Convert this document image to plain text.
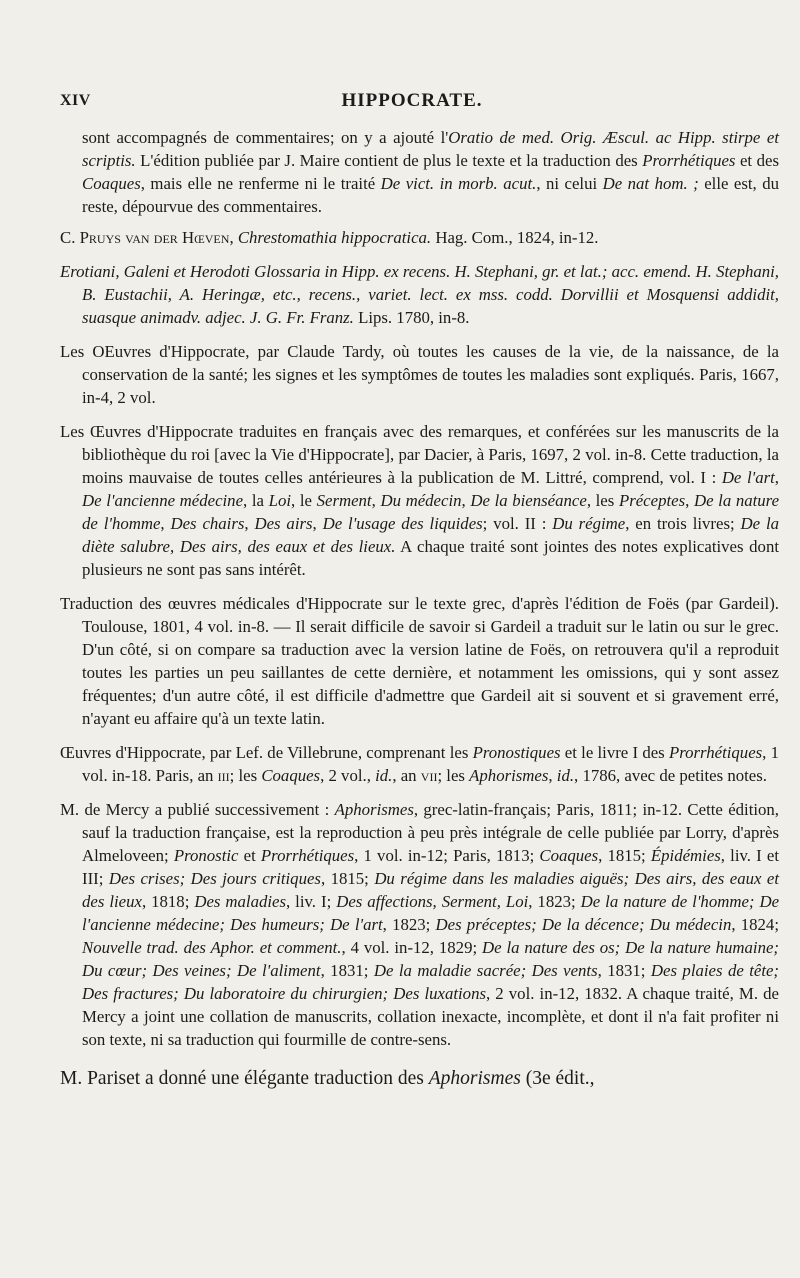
XIV	HIPPOCRATE.

sont accompagnés de commentaires; on y a ajouté l'Oratio de med. Orig. Æscul. ac Hipp. stirpe et scriptis. L'édition publiée par J. Maire contient de plus le texte et la traduction des Prorrhétiques et des Coaques, mais elle ne renferme ni le traité De vict. in morb. acut., ni celui De nat hom. ; elle est, du reste, dépourvue des commentaires.

C. Pruys van der Hœven, Chrestomathia hippocratica. Hag. Com., 1824, in-12.

Erotiani, Galeni et Herodoti Glossaria in Hipp. ex recens. H. Stephani, gr. et lat.; acc. emend. H. Stephani, B. Eustachii, A. Heringæ, etc., recens., variet. lect. ex mss. codd. Dorvillii et Mosquensi addidit, suasque animadv. adjec. J. G. Fr. Franz. Lips. 1780, in-8.

Les OEuvres d'Hippocrate, par Claude Tardy, où toutes les causes de la vie, de la naissance, de la conservation de la santé; les signes et les symptômes de toutes les maladies sont expliqués. Paris, 1667, in-4, 2 vol.

Les Œuvres d'Hippocrate traduites en français avec des remarques, et conférées sur les manuscrits de la bibliothèque du roi [avec la Vie d'Hippocrate], par Dacier, à Paris, 1697, 2 vol. in-8. Cette traduction, la moins mauvaise de toutes celles antérieures à la publication de M. Littré, comprend, vol. I : De l'art, De l'ancienne médecine, la Loi, le Serment, Du médecin, De la bienséance, les Préceptes, De la nature de l'homme, Des chairs, Des airs, De l'usage des liquides; vol. II : Du régime, en trois livres; De la diète salubre, Des airs, des eaux et des lieux. A chaque traité sont jointes des notes explicatives dont plusieurs ne sont pas sans intérêt.

Traduction des œuvres médicales d'Hippocrate sur le texte grec, d'après l'édition de Foës (par Gardeil). Toulouse, 1801, 4 vol. in-8. — Il serait difficile de savoir si Gardeil a traduit sur le latin ou sur le grec. D'un côté, si on compare sa traduction avec la version latine de Foës, on retrouvera qu'il a reproduit toutes les parties un peu saillantes de cette dernière, et notamment les omissions, qui y sont assez fréquentes; d'un autre côté, il est difficile d'admettre que Gardeil ait si souvent et si gravement erré, n'ayant eu affaire qu'à un texte latin.

Œuvres d'Hippocrate, par Lef. de Villebrune, comprenant les Pronostiques et le livre I des Prorrhétiques, 1 vol. in-18. Paris, an iii; les Coaques, 2 vol., id., an vii; les Aphorismes, id., 1786, avec de petites notes.

M. de Mercy a publié successivement : Aphorismes, grec-latin-français; Paris, 1811; in-12. Cette édition, sauf la traduction française, est la reproduction à peu près intégrale de celle publiée par Lorry, d'après Almeloveen; Pronostic et Prorrhétiques, 1 vol. in-12; Paris, 1813; Coaques, 1815; Épidémies, liv. I et III; Des crises; Des jours critiques, 1815; Du régime dans les maladies aiguës; Des airs, des eaux et des lieux, 1818; Des maladies, liv. I; Des affections, Serment, Loi, 1823; De la nature de l'homme; De l'ancienne médecine; Des humeurs; De l'art, 1823; Des préceptes; De la décence; Du médecin, 1824; Nouvelle trad. des Aphor. et comment., 4 vol. in-12, 1829; De la nature des os; De la nature humaine; Du cœur; Des veines; De l'aliment, 1831; De la maladie sacrée; Des vents, 1831; Des plaies de tête; Des fractures; Du laboratoire du chirurgien; Des luxations, 2 vol. in-12, 1832. A chaque traité, M. de Mercy a joint une collation de manuscrits, collation inexacte, incomplète, et dont il n'a fait profiter ni son texte, ni sa traduction qui fourmille de contre-sens.

M. Pariset a donné une élégante traduction des Aphorismes (3e édit.,
